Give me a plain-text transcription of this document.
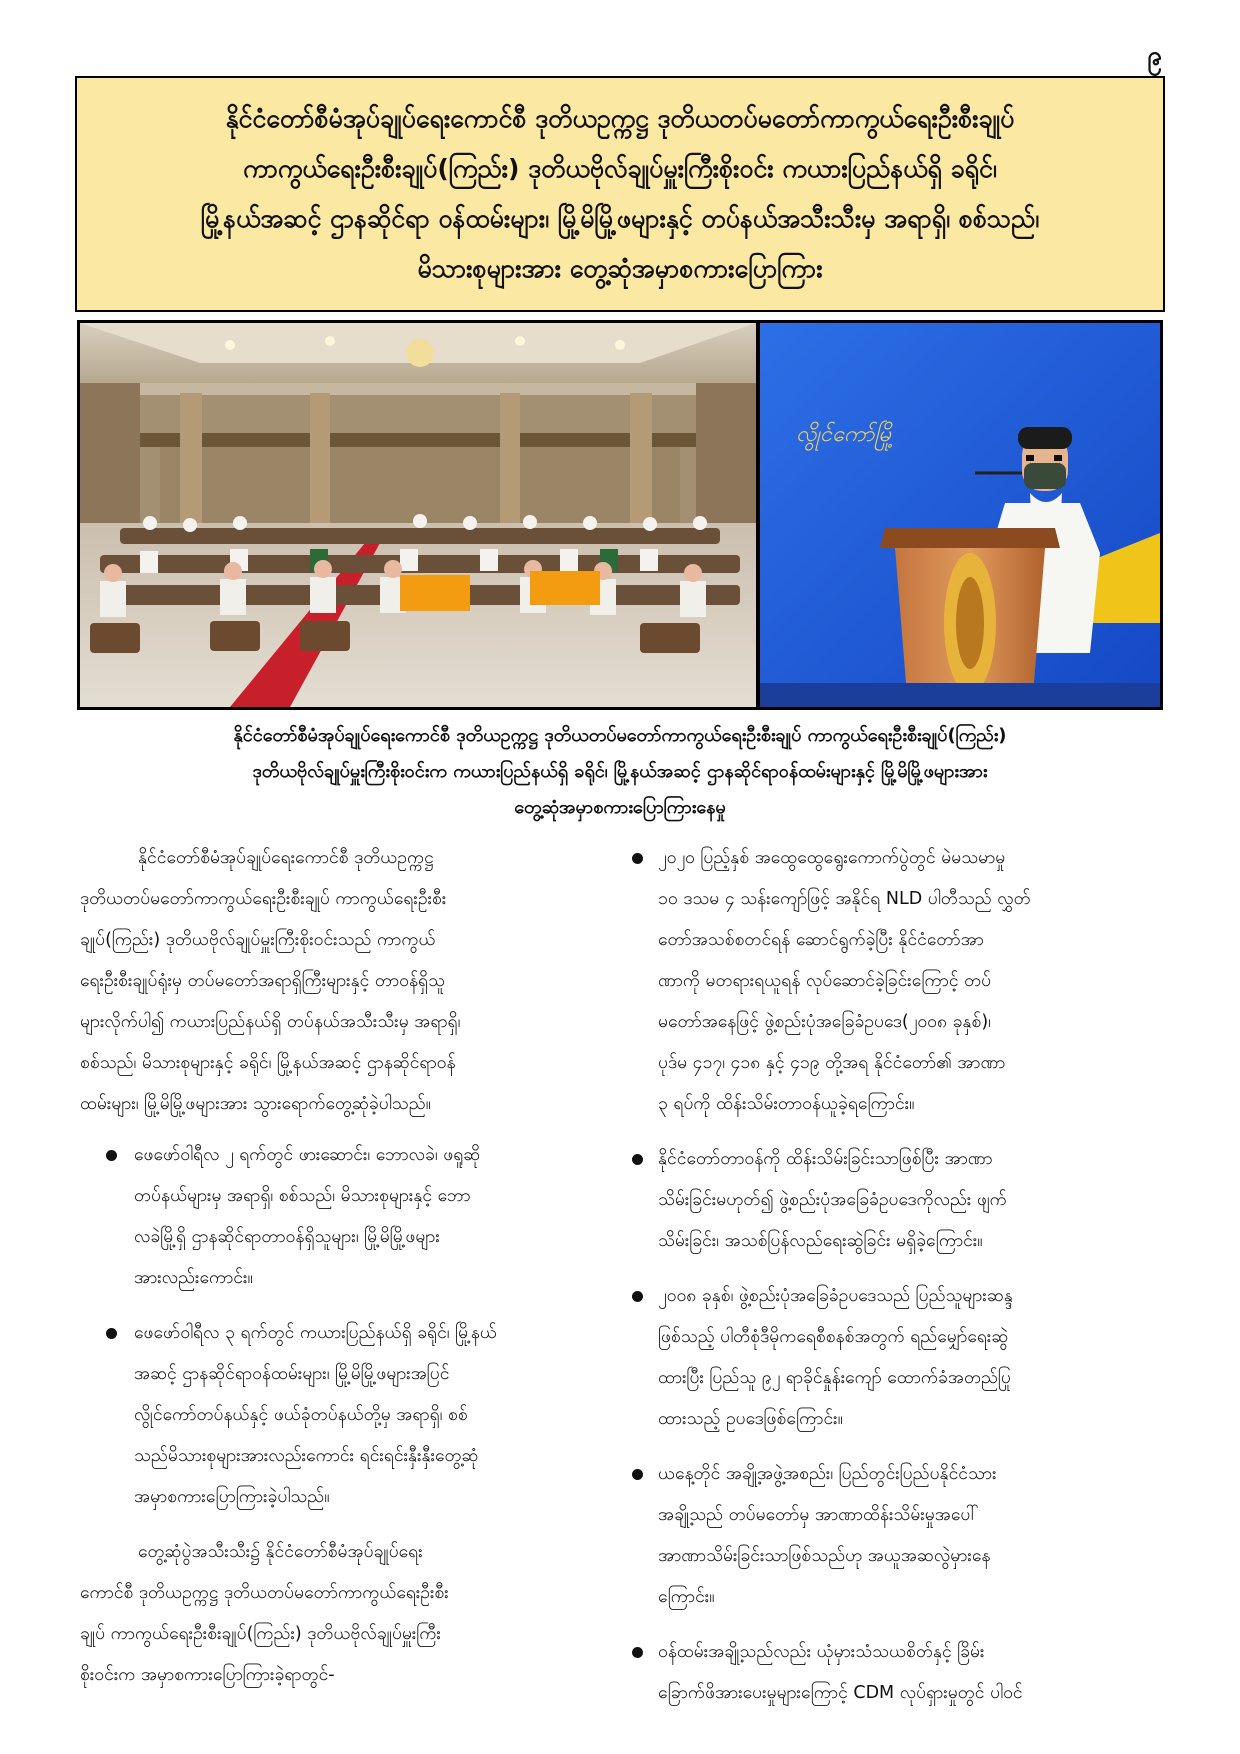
၉
နိုင်ငံတော်စီမံအုပ်ချုပ်ရေးကောင်စီ ဒုတိယဥက္ကဋ္ဌ ဒုတိယတပ်မတော်ကာကွယ်ရေးဦးစီးချုပ်
ကာကွယ်ရေးဦးစီးချုပ်(ကြည်း) ဒုတိယဗိုလ်ချုပ်မှူးကြီးစိုးဝင်း ကယားပြည်နယ်ရှိ ခရိုင်၊
မြို့နယ်အဆင့် ဌာနဆိုင်ရာ ဝန်ထမ်းများ၊ မြို့မိမြို့ဖများနှင့် တပ်နယ်အသီးသီးမှ အရာရှိ၊ စစ်သည်၊
မိသားစုများအား တွေ့ဆုံအမှာစကားပြောကြား
လွိုင်ကော်မြို့
နိုင်ငံတော်စီမံအုပ်ချုပ်ရေးကောင်စီ ဒုတိယဥက္ကဋ္ဌ ဒုတိယတပ်မတော်ကာကွယ်ရေးဦးစီးချုပ် ကာကွယ်ရေးဦးစီးချုပ်(ကြည်း)
ဒုတိယဗိုလ်ချုပ်မှူးကြီးစိုးဝင်းက ကယားပြည်နယ်ရှိ ခရိုင်၊ မြို့နယ်အဆင့် ဌာနဆိုင်ရာဝန်ထမ်းများနှင့် မြို့မိမြို့ဖများအား
တွေ့ဆုံအမှာစကားပြောကြားနေမှု
နိုင်ငံတော်စီမံအုပ်ချုပ်ရေးကောင်စီ ဒုတိယဥက္ကဋ္ဌ
ဒုတိယတပ်မတော်ကာကွယ်ရေးဦးစီးချုပ် ကာကွယ်ရေးဦးစီး
ချုပ်(ကြည်း) ဒုတိယဗိုလ်ချုပ်မှူးကြီးစိုးဝင်းသည် ကာကွယ်
ရေးဦးစီးချုပ်ရုံးမှ တပ်မတော်အရာရှိကြီးများနှင့် တာဝန်ရှိသူ
များလိုက်ပါ၍ ကယားပြည်နယ်ရှိ တပ်နယ်အသီးသီးမှ အရာရှိ၊
စစ်သည်၊ မိသားစုများနှင့် ခရိုင်၊ မြို့နယ်အဆင့် ဌာနဆိုင်ရာဝန်
ထမ်းများ၊ မြို့မိမြို့ဖများအား သွားရောက်တွေ့ဆုံခဲ့ပါသည်။
ဖေဖော်ဝါရီလ ၂ ရက်တွင် ဖားဆောင်း၊ ဘောလခဲ၊ ဖရူဆို
တပ်နယ်များမှ အရာရှိ၊ စစ်သည်၊ မိသားစုများနှင့် ဘော
လခဲမြို့ရှိ ဌာနဆိုင်ရာတာဝန်ရှိသူများ၊ မြို့မိမြို့ဖများ
အားလည်းကောင်း။
ဖေဖော်ဝါရီလ ၃ ရက်တွင် ကယားပြည်နယ်ရှိ ခရိုင်၊ မြို့နယ်
အဆင့် ဌာနဆိုင်ရာဝန်ထမ်းများ၊ မြို့မိမြို့ဖများအပြင်
လွိုင်ကော်တပ်နယ်နှင့် ဖယ်ခုံတပ်နယ်တို့မှ အရာရှိ၊ စစ်
သည်မိသားစုများအားလည်းကောင်း ရင်းရင်းနှီးနှီးတွေ့ဆုံ
အမှာစကားပြောကြားခဲ့ပါသည်။
တွေ့ဆုံပွဲအသီးသီး၌ နိုင်ငံတော်စီမံအုပ်ချုပ်ရေး
ကောင်စီ ဒုတိယဥက္ကဋ္ဌ ဒုတိယတပ်မတော်ကာကွယ်ရေးဦးစီး
ချုပ် ကာကွယ်ရေးဦးစီးချုပ်(ကြည်း) ဒုတိယဗိုလ်ချုပ်မှူးကြီး
စိုးဝင်းက အမှာစကားပြောကြားခဲ့ရာတွင်-
၂၀၂၀ ပြည့်နှစ် အထွေထွေရွေးကောက်ပွဲတွင် မဲမသမာမှု
၁၀ ဒသမ ၄ သန်းကျော်ဖြင့် အနိုင်ရ NLD ပါတီသည် လွှတ်
တော်အသစ်စတင်ရန် ဆောင်ရွက်ခဲ့ပြီး နိုင်ငံတော်အာ
ဏာကို မတရားရယူရန် လုပ်ဆောင်ခဲ့ခြင်းကြောင့် တပ်
မတော်အနေဖြင့် ဖွဲ့စည်းပုံအခြေခံဥပဒေ(၂၀၀၈ ခုနှစ်)၊
ပုဒ်မ ၄၁၇၊ ၄၁၈ နှင့် ၄၁၉ တို့အရ နိုင်ငံတော်၏ အာဏာ
၃ ရပ်ကို ထိန်းသိမ်းတာဝန်ယူခဲ့ရကြောင်း။
နိုင်ငံတော်တာဝန်ကို ထိန်းသိမ်းခြင်းသာဖြစ်ပြီး အာဏာ
သိမ်းခြင်းမဟုတ်၍ ဖွဲ့စည်းပုံအခြေခံဥပဒေကိုလည်း ဖျက်
သိမ်းခြင်း၊ အသစ်ပြန်လည်ရေးဆွဲခြင်း မရှိခဲ့ကြောင်း။
၂၀၀၈ ခုနှစ်၊ ဖွဲ့စည်းပုံအခြေခံဥပဒေသည် ပြည်သူများဆန္ဒ
ဖြစ်သည့် ပါတီစုံဒီမိုကရေစီစနစ်အတွက် ရည်မျှော်ရေးဆွဲ
ထားပြီး ပြည်သူ ၉၂ ရာခိုင်နှုန်းကျော် ထောက်ခံအတည်ပြု
ထားသည့် ဥပဒေဖြစ်ကြောင်း။
ယနေ့တိုင် အချို့အဖွဲ့အစည်း၊ ပြည်တွင်းပြည်ပနိုင်ငံသား
အချို့သည် တပ်မတော်မှ အာဏာထိန်းသိမ်းမှုအပေါ်
အာဏာသိမ်းခြင်းသာဖြစ်သည်ဟု အယူအဆလွဲမှားနေ
ကြောင်း။
ဝန်ထမ်းအချို့သည်လည်း ယုံမှားသံသယစိတ်နှင့် ခြိမ်း
ခြောက်ဖိအားပေးမှုများကြောင့် CDM လုပ်ရှားမှုတွင် ပါဝင်
